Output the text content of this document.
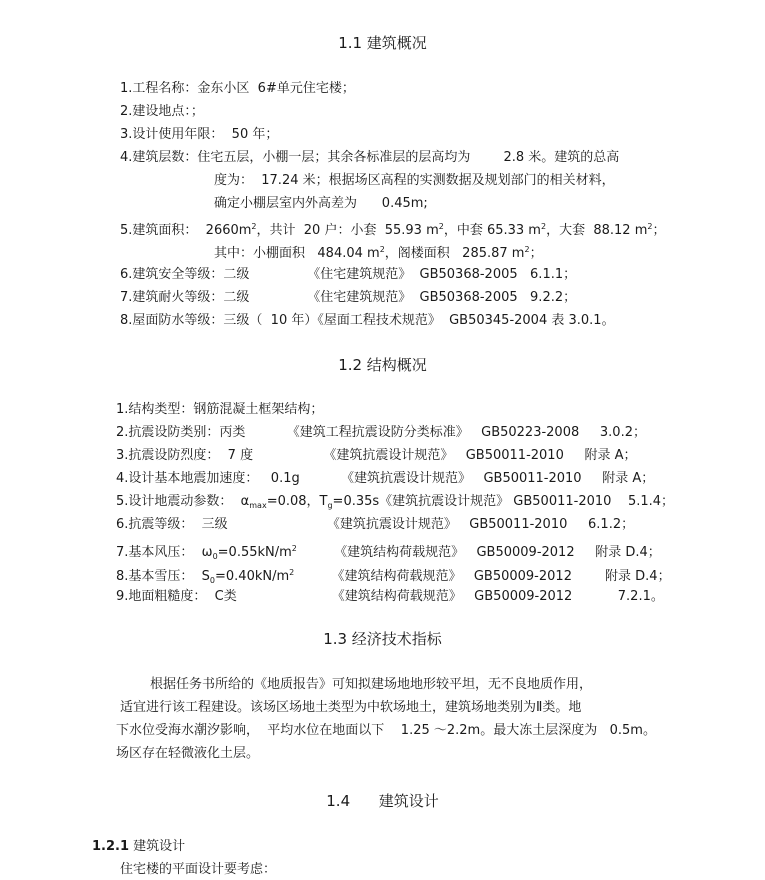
1.1 建筑概况
1.工程名称：金东小区  6#单元住宅楼；
2.建设地点：；
3.设计使用年限：  50 年；
4.建筑层数：住宅五层，小棚一层；其余各标准层的层高均为        2.8 米。建筑的总高
度为：  17.24 米；根据场区高程的实测数据及规划部门的相关材料，
确定小棚层室内外高差为      0.45m;
5.建筑面积：  $2660m^2$，共计  20 户：小套  55.93 $m^2$，中套 65.33 $m^2$，大套  88.12 $m^2$；
其中：小棚面积   484.04 $m^2$，阁楼面积   285.87 $m^2$；
6.建筑安全等级：二级              《住宅建筑规范》  GB50368-2005   6.1.1；
7.建筑耐火等级：二级              《住宅建筑规范》  GB50368-2005   9.2.2；
8.屋面防水等级：三级（  10 年）《屋面工程技术规范》  GB50345-2004 表 3.0.1。
1.2 结构概况
1.结构类型：钢筋混凝土框架结构；
2.抗震设防类别：丙类          《建筑工程抗震设防分类标准》   GB50223-2008     3.0.2；
3.抗震设防烈度：  7 度                 《建筑抗震设计规范》   GB50011-2010     附录 A；
4.设计基本地震加速度：   0.1g          《建筑抗震设计规范》   GB50011-2010     附录 A；
5.设计地震动参数：  $\alpha_{max}=0.08$，$T_g=0.35s$《建筑抗震设计规范》 GB50011-2010    5.1.4；
6.抗震等级：  三级                        《建筑抗震设计规范》   GB50011-2010     6.1.2；
7.基本风压：  $\omega_0=0.55kN/m^2$         《建筑结构荷载规范》   GB50009-2012     附录 D.4；
8.基本雪压：  $S_0=0.40kN/m^2$         《建筑结构荷载规范》   GB50009-2012        附录 D.4；
9.地面粗糙度：  C类                       《建筑结构荷载规范》   GB50009-2012           7.2.1。
1.3 经济技术指标
根据任务书所给的《地质报告》可知拟建场地地形较平坦，无不良地质作用，
适宜进行该工程建设。该场区场地土类型为中软场地土，建筑场地类别为Ⅱ类。地
下水位受海水潮汐影响，  平均水位在地面以下    1.25 ～2.2m。最大冻土层深度为   0.5m。
场区存在轻微液化土层。
1.4      建筑设计
1.2.1 建筑设计
住宅楼的平面设计要考虑：
